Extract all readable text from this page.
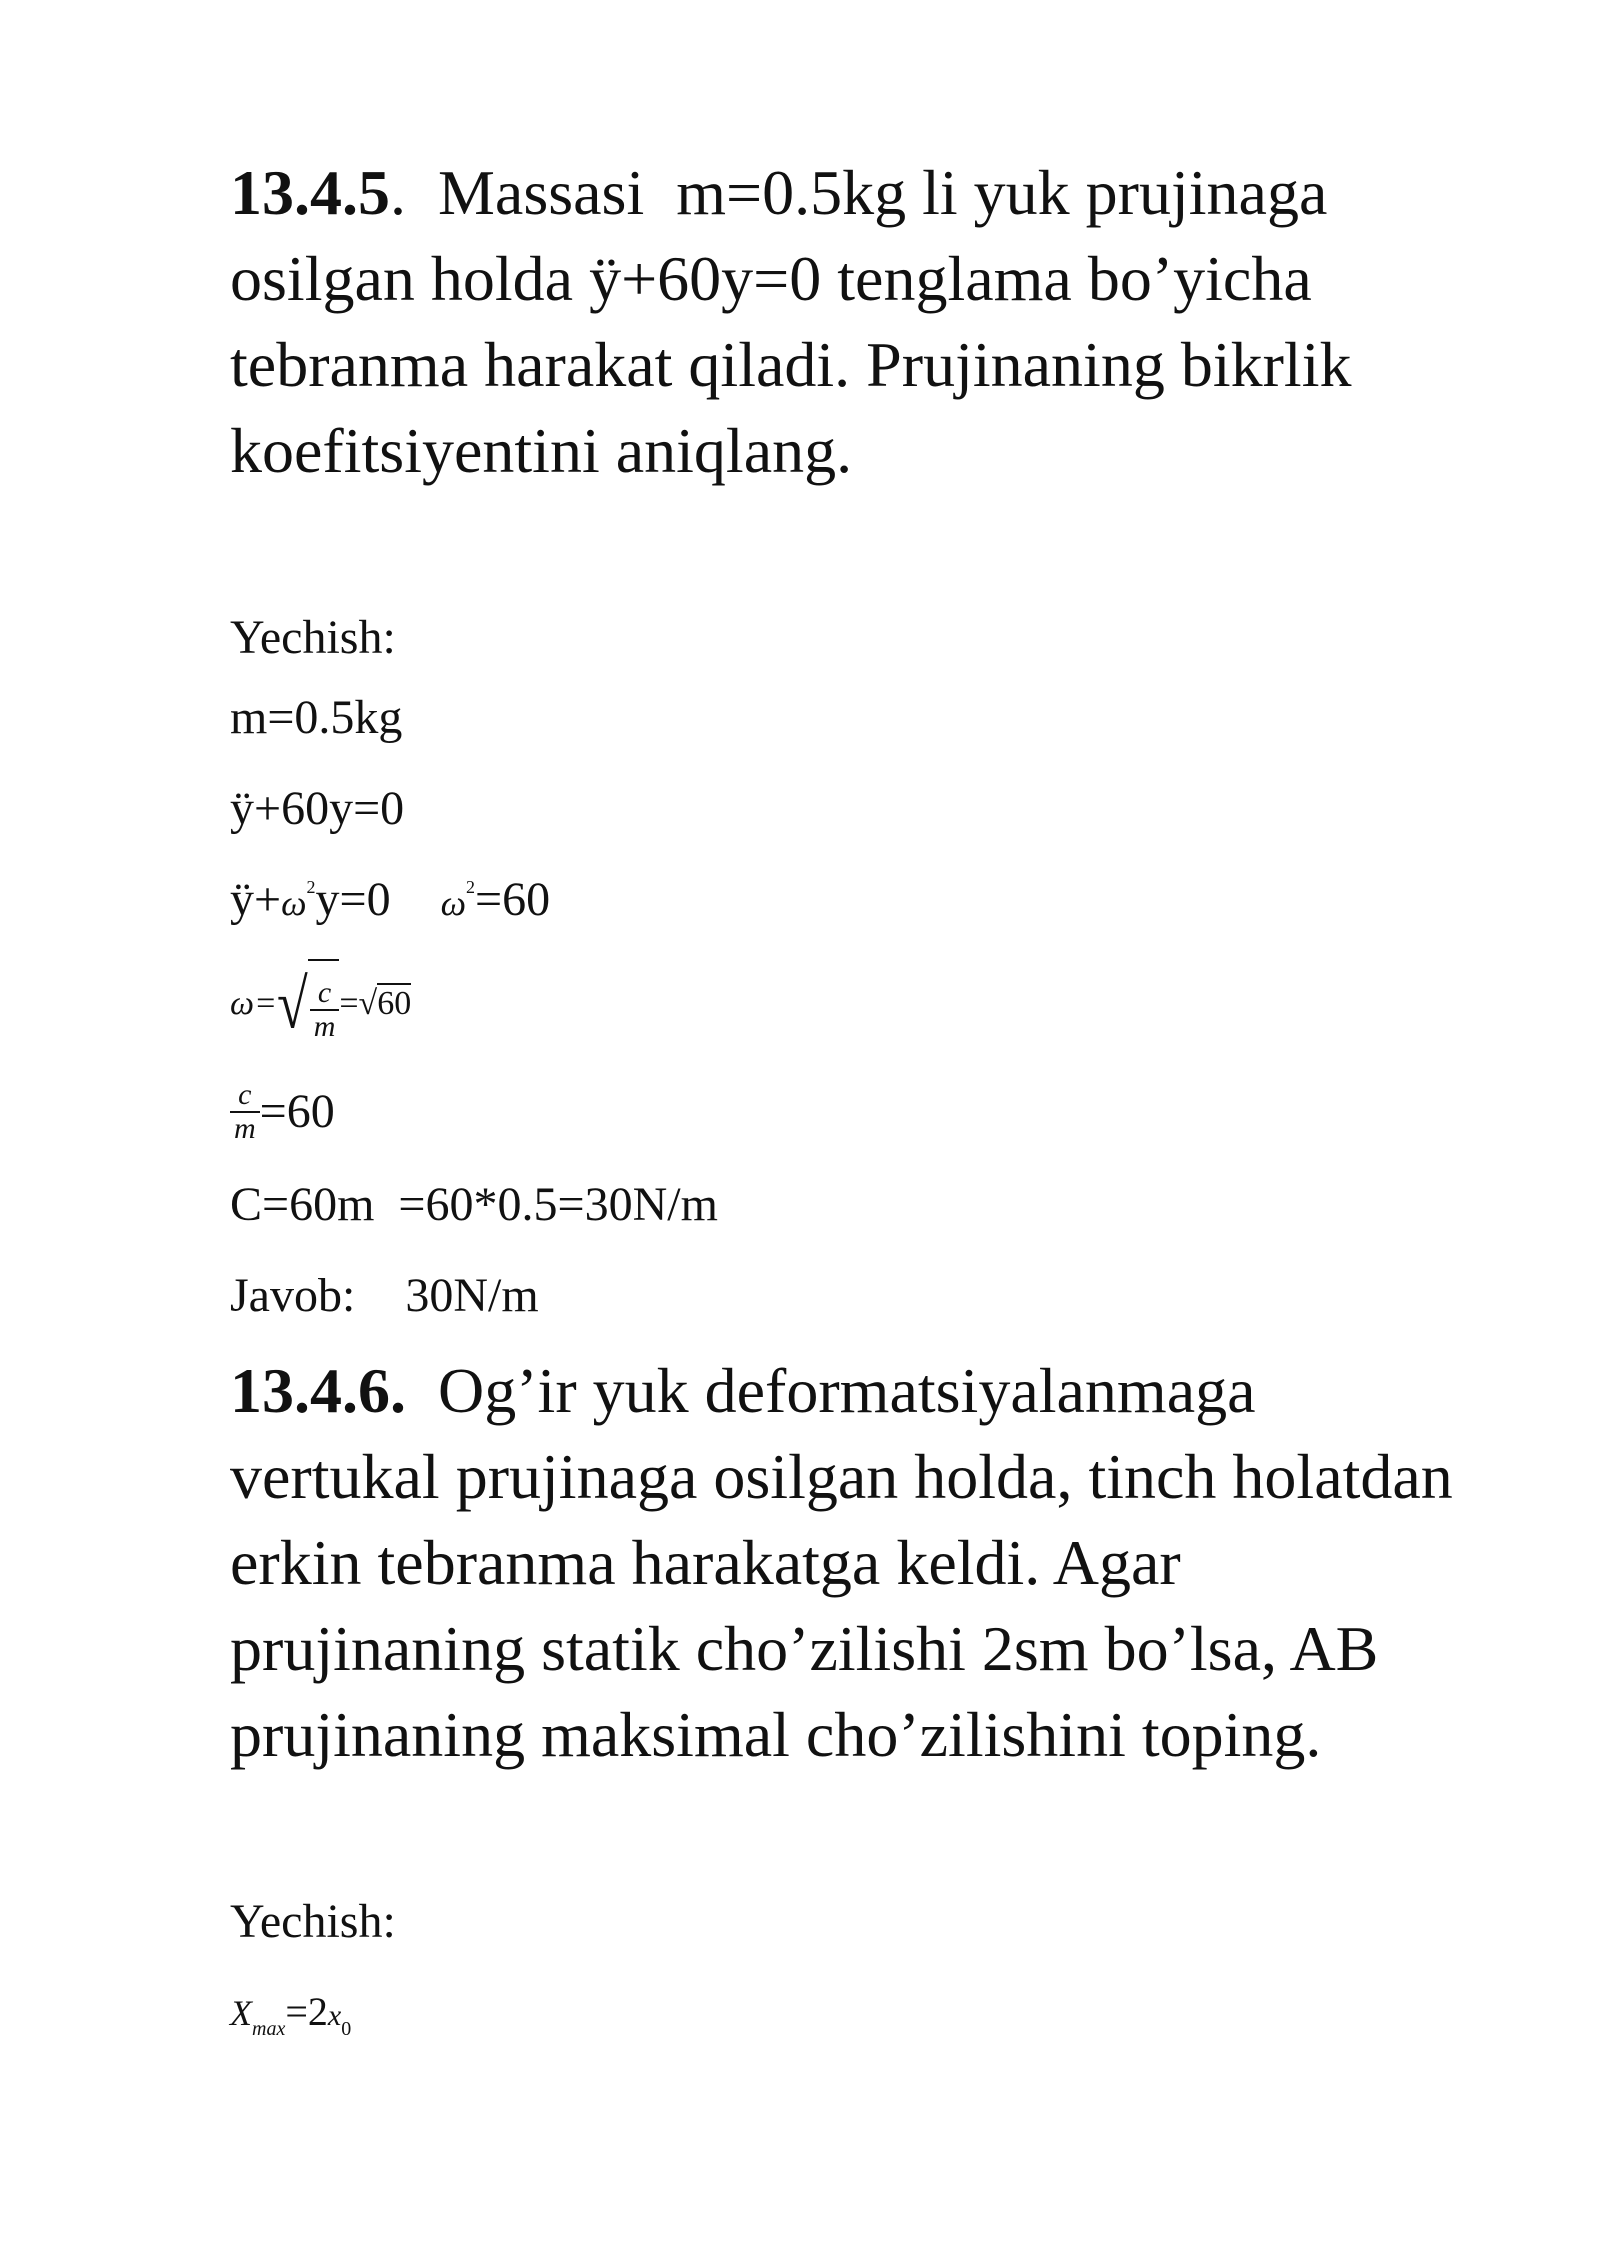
13.4.5.  Massasi  m=0.5kg li yuk prujinaga osilgan holda ÿ+60y=0 tenglama bo’yicha tebranma harakat qiladi. Prujinaning bikrlik koefitsiyentini aniqlang.

Yechish:

m=0.5kg

ÿ+60y=0

$ÿ+\omega^2y=0$ $\omega^2=60$

$\omega=√ \frac{c}{m} =√60$

$\frac{c}{m} =60$

C=60m  =60*0.5=30N/m

Javob: 30N/m

13.4.6.  Og’ir yuk deformatsiyalanmaga vertukal prujinaga osilgan holda, tinch holatdan erkin tebranma harakatga keldi. Agar prujinaning statik cho’zilishi 2sm bo’lsa, AB prujinaning maksimal cho’zilishini toping.

Yechish:

$X_{max}=2x_0$
